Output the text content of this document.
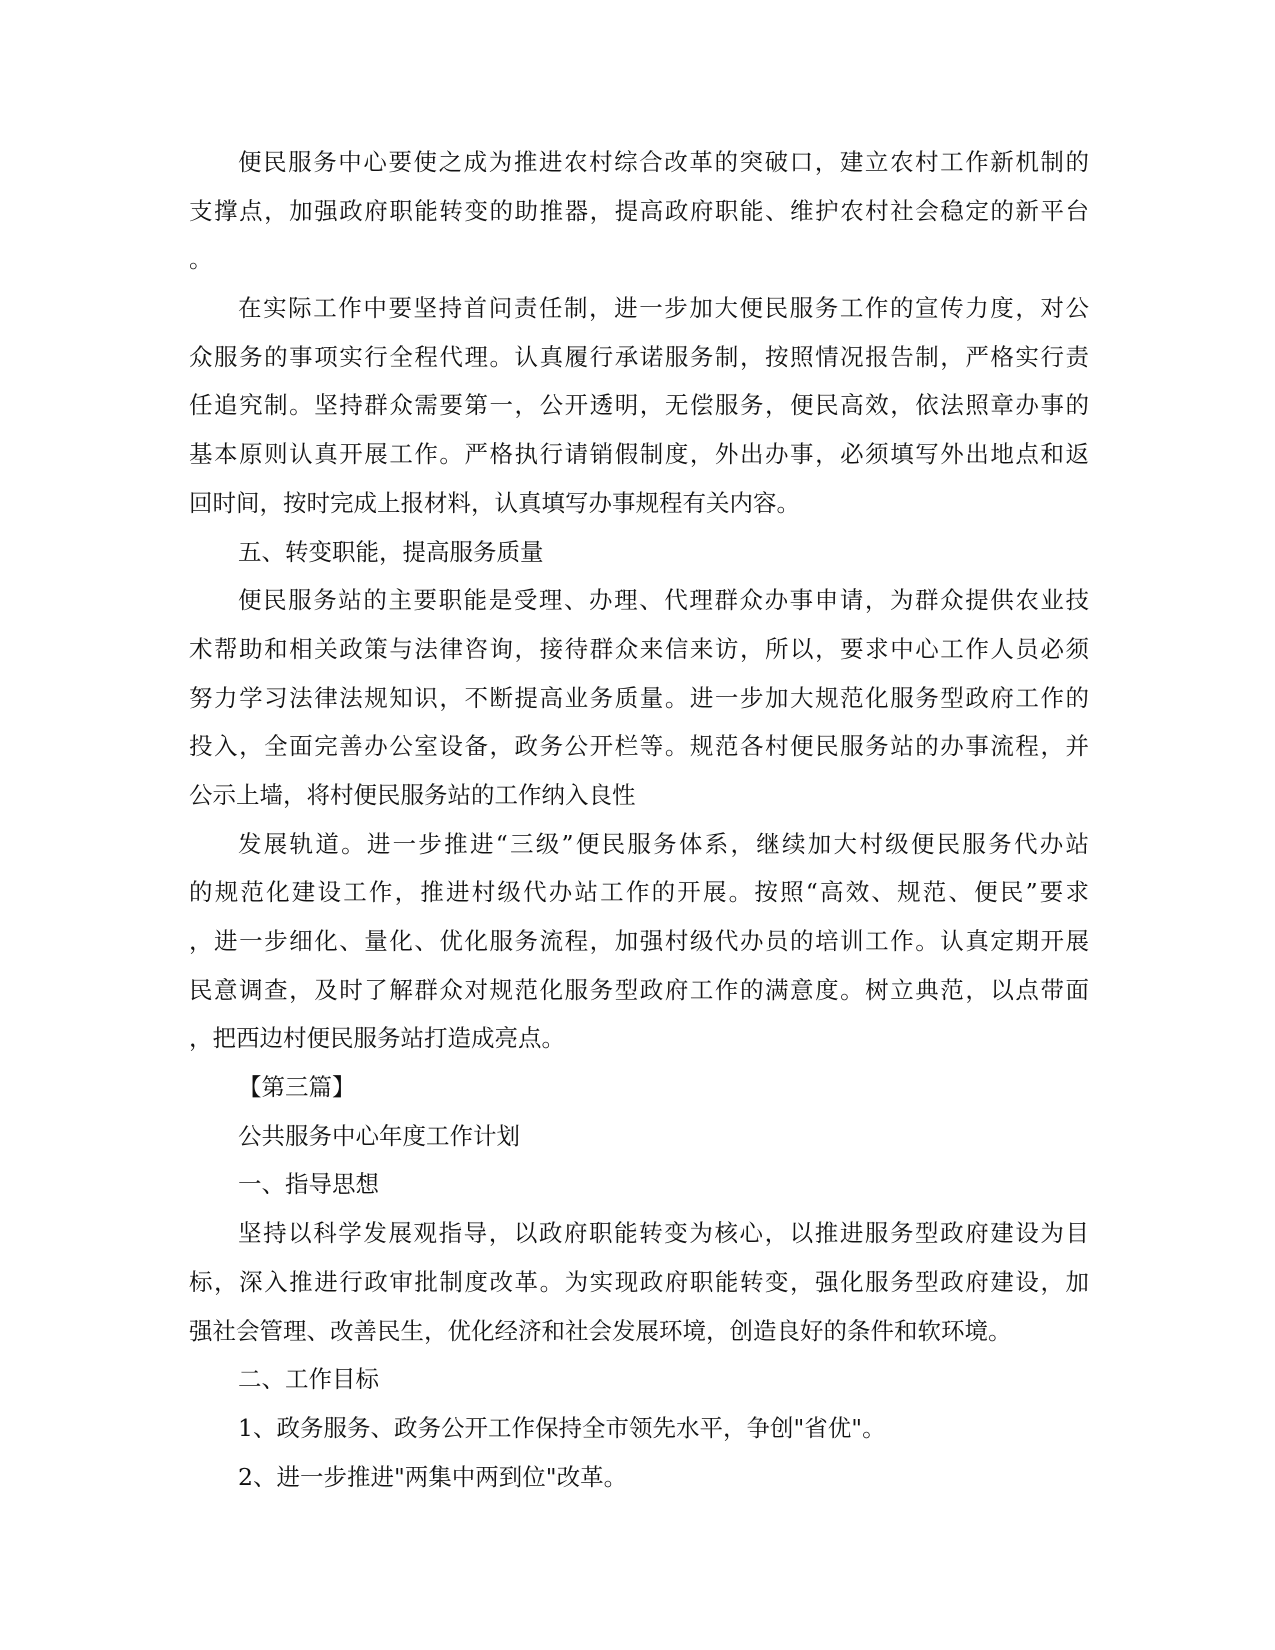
便民服务中心要使之成为推进农村综合改革的突破口，建立农村工作新机制的
支撑点，加强政府职能转变的助推器，提高政府职能、维护农村社会稳定的新平台
。
在实际工作中要坚持首问责任制，进一步加大便民服务工作的宣传力度，对公
众服务的事项实行全程代理。认真履行承诺服务制，按照情况报告制，严格实行责
任追究制。坚持群众需要第一，公开透明，无偿服务，便民高效，依法照章办事的
基本原则认真开展工作。严格执行请销假制度，外出办事，必须填写外出地点和返
回时间，按时完成上报材料，认真填写办事规程有关内容。
五、转变职能，提高服务质量
便民服务站的主要职能是受理、办理、代理群众办事申请，为群众提供农业技
术帮助和相关政策与法律咨询，接待群众来信来访，所以，要求中心工作人员必须
努力学习法律法规知识，不断提高业务质量。进一步加大规范化服务型政府工作的
投入，全面完善办公室设备，政务公开栏等。规范各村便民服务站的办事流程，并
公示上墙，将村便民服务站的工作纳入良性
发展轨道。进一步推进“三级”便民服务体系，继续加大村级便民服务代办站
的规范化建设工作，推进村级代办站工作的开展。按照“高效、规范、便民”要求
，进一步细化、量化、优化服务流程，加强村级代办员的培训工作。认真定期开展
民意调查，及时了解群众对规范化服务型政府工作的满意度。树立典范，以点带面
，把西边村便民服务站打造成亮点。
【第三篇】
公共服务中心年度工作计划
一、指导思想
坚持以科学发展观指导，以政府职能转变为核心，以推进服务型政府建设为目
标，深入推进行政审批制度改革。为实现政府职能转变，强化服务型政府建设，加
强社会管理、改善民生，优化经济和社会发展环境，创造良好的条件和软环境。
二、工作目标
1、政务服务、政务公开工作保持全市领先水平，争创"省优"。
2、进一步推进"两集中两到位"改革。
